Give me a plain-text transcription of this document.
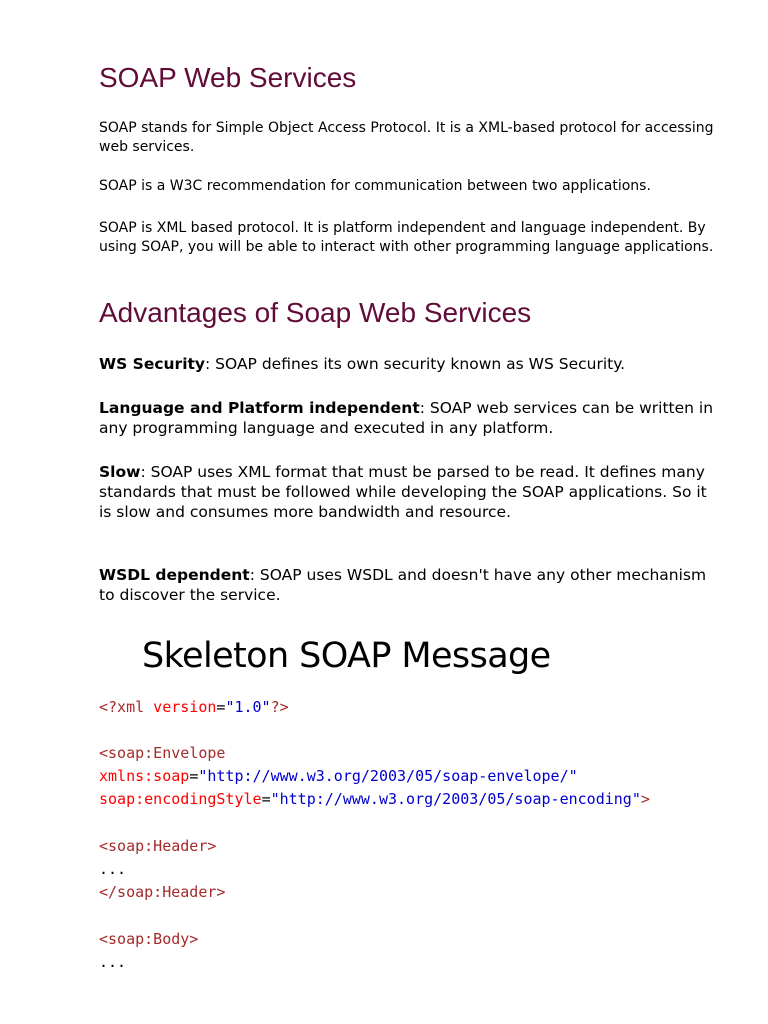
SOAP Web Services

SOAP stands for Simple Object Access Protocol. It is a XML-based protocol for accessing web services.

SOAP is a W3C recommendation for communication between two applications.

SOAP is XML based protocol. It is platform independent and language independent. By using SOAP, you will be able to interact with other programming language applications.

Advantages of Soap Web Services

WS Security: SOAP defines its own security known as WS Security.

Language and Platform independent: SOAP web services can be written in any programming language and executed in any platform.

Slow: SOAP uses XML format that must be parsed to be read. It defines many standards that must be followed while developing the SOAP applications. So it is slow and consumes more bandwidth and resource.

WSDL dependent: SOAP uses WSDL and doesn't have any other mechanism to discover the service.

Skeleton SOAP Message
<?xml version="1.0"?>
<soap:Envelope
xmlns:soap="http://www.w3.org/2003/05/soap-envelope/"
soap:encodingStyle="http://www.w3.org/2003/05/soap-encoding">
<soap:Header>
...
</soap:Header>
<soap:Body>
...
